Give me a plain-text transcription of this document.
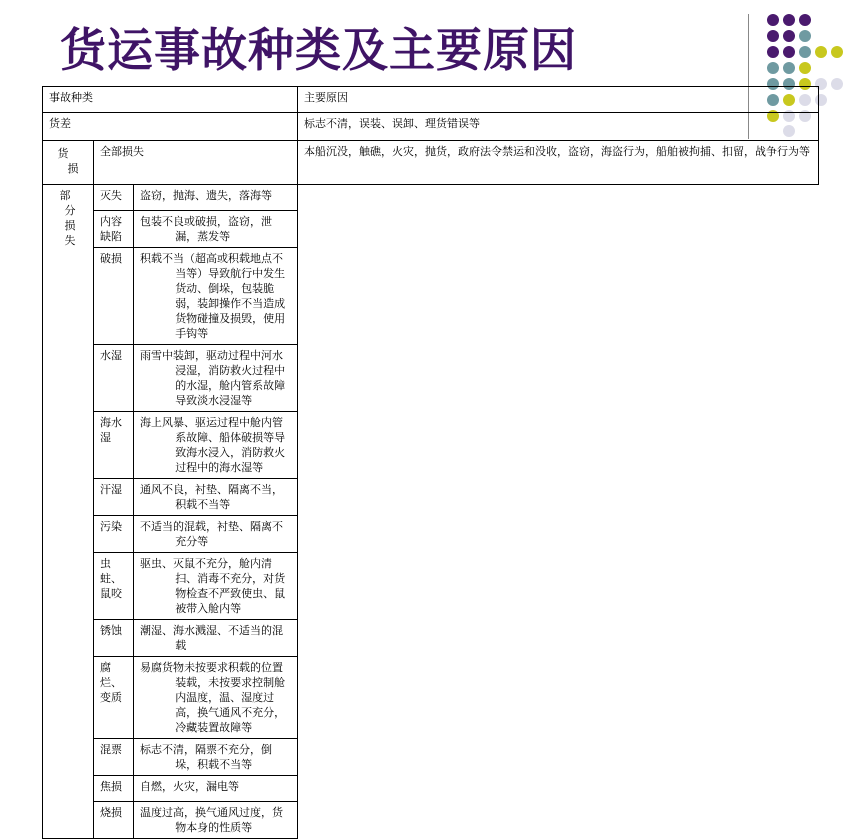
货运事故种类及主要原因
事故种类			主要原因
货差			标志不清，误装、误卸、理货错误等

货
损	全部损失		本船沉没，触礁，火灾，抛货，政府法令禁运和没收，盗窃，海盗行为，船舶被拘捕、扣留，战争行为等

部
分
损
失	灭失	盗窃，抛海、遗失，落海等	

	内容缺陷	包装不良或破损，盗窃，泄漏，蒸发等	

	破损	积载不当（超高或积载地点不当等）导致航行中发生货动、倒垛，包装脆弱，装卸操作不当造成货物碰撞及损毁，使用手钩等	

	水湿	雨雪中装卸，驱动过程中河水浸湿，消防救火过程中的水湿，舱内管系故障导致淡水浸湿等	

	海水湿	海上风暴、驱运过程中舱内管系故障、船体破损等导致海水浸入，消防救火过程中的海水湿等	

	汗湿	通风不良，衬垫、隔离不当，积载不当等	

	污染	不适当的混载，衬垫、隔离不充分等	

	虫蛀、鼠咬	驱虫、灭鼠不充分，舱内清扫、消毒不充分，对货物检查不严致使虫、鼠被带入舱内等	

	锈蚀	潮湿、海水溅湿、不适当的混载	

	腐烂、变质	易腐货物未按要求积载的位置装载，未按要求控制舱内温度，温、湿度过高，换气通风不充分，冷藏装置故障等	

	混票	标志不清，隔票不充分，倒垛，积载不当等	

	焦损	自燃，火灾，漏电等	

	烧损	温度过高，换气通风过度，货物本身的性质等	
